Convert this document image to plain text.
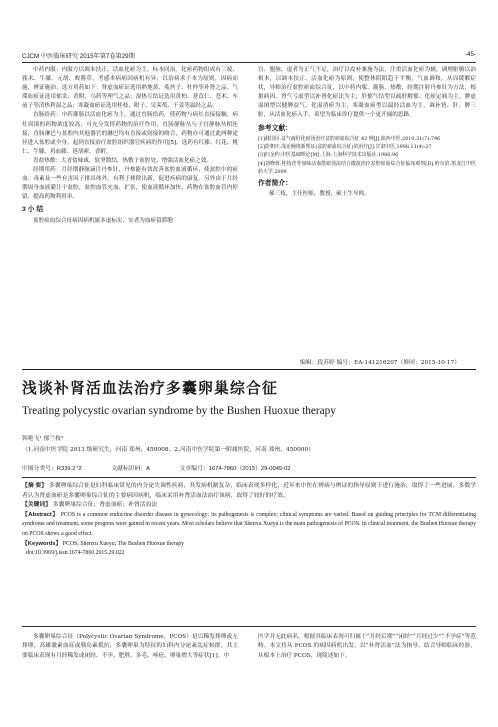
CJCM 中医临床研究 2015年第7卷第29期	-45-

中药内服：内服方以调本扶正、活血化瘀为主，标本同治。化瘀药物组成有三棱、莪术、牛膝、元胡、败酱草。考感本病病因病机有异，以治病求于本为原则，因病而施，辨证施治。选方用药如下：肾虚血瘀证选用熟地黄、菟丝子、杜仲等补肾之品；气滞血瘀证选用郁金、香附、乌药等理气之品；湿热互结证选用黄柏、薏苡仁、苍术、车前子等清热利湿之品；寒凝血瘀证选用桂枝、附子、吴茱萸、干姜等温经之品。

直肠给药：中药灌肠以活血化瘀为主，通过直肠给药，使药物与病灶直接接触，病灶周围的药物浓度较高，可充分发挥药物的治疗作用，直肠静脉丛与子宫静脉丛相连接，直肠淋巴与盆腔内其他器官的淋巴均有直接或间接的吻合，药物亦可通过此两种途径进入盆腔或全身，起到直接治疗盆腔组织器官疾病的作用[5]。选药有红藤、红花、桃仁、牛膝、鸡血藤、延胡索、香附。

青盐热敷：大青盐味咸，软坚散结，热敷于盆腔处，增强活血化瘀之效。

经期用药：月经期静脉滴注丹参针，丹参能有效改善盆腔血液循环，使盆腔中的瘀血、毒素及一些有害因子排出体外，有利于排除出新，促进疾病的康复。另外由于月经期周身血液灌注于盆腔，盆腔血管充血、扩张，使血液循环加快，药物在盆腔血管内停留，提高药物利用率。

3 小 结

盆腔瘀血综合征病因病机属本虚标实，实者为血瘀留滞胞

宫、胞脉，虚者为正气不足，治疗以攻补兼施为法，注重活血化瘀为辅，调理脏腑以治根本，以调本扶正、活血化瘀为原则，使整体阴阳趋于平衡，气血调和，从而缓解症状，导师治疗盆腔瘀血综合征，以中药内服、灌肠、热敷，经期注射丹参针为方法，根据病因，肾气亏虚型以补肾化瘀法为主，肝郁气结型以疏肝解郁、化瘀定痛为主，脾虚湿困型以健脾益气、化湿消瘀为主，寒凝血瘀型以温经活血为主，调补肾、肝、脾三脏，从活血化瘀入手，希望为临床诊疗提供一个更开阔的思路。

参考文献：
[1]郝国臣.盆气疏肝化瘀汤治疗盆腔瘀血综合征 42 例[J].陕西中医,2010,31(7):796
[2]彭朝庆.浅论桶络新理证(盆腔瘀血综合征)的治疗[J].甘肃中医,1998,11(4):27
[3]归金约.中医基础理论[M].上海:上海科学技术出版社,1986:96
[4]刘晓蓉.桂枝茯苓加味活血散瘀汤法结合微波治疗盆腔瘀血综合征临床观察[D].哈尔滨:黑龙江中医药大学,2009
作者简介：
郝三枝，主任医师，教授，硕士生导师。
编辑：段苏婷 编号：EA-141216207（修回：2015-10-17）
浅谈补肾活血法治疗多囊卵巢综合征
Treating polycystic ovarian syndrome by the Bushen Huoxue therapy
韩艳飞¹ 郁兰枝²
（1.河南中医学院 2013 级研究生，河南 郑州，450008；2.河南中医学院第一附属医院，河南 郑州，450000）
中图分类号：R339.2⁺2	文献标识码：A	文章编号：1674-7860（2015）29-0045-02
【摘 要】 多囊卵巢综合征是妇科临床常见的内分泌失调性疾病，其发病机制复杂，临床表现多样化，近年来中医在辨病与辨证的指导原则下进行施治，取得了一些进展。多数学者认为肾虚血瘀是多囊卵巢综合征的主要病因病机，临床采用补肾活血法治疗该病，取得了较好的疗效。
【关键词】 多囊卵巢综合征；肾虚血瘀；补肾活血法
【Abstract】 PCOS is a common endocrine disorder disease in gynecology; its pathogenesis is complex; clinical symptoms are varied. Based on guiding principles for TCM differentiating syndrome and treatment, some progress were gained in recent years. Most scholars believe that Shenxu Xueyu is the main pathogenesis of PCOS. In clinical treatment, the Bushen Huoxue therapy on PCOS shows a good effect.
【Keywords】 PCOS; Shenxu Xueyu; The Bushen Huoxue therapy
doi:10.3969/j.issn.1674-7860.2015.29.022

多囊卵巢综合征（Polycystic Ovarian Syndrome，PCOS）是以稀发排卵或无排卵、高雄激素血症或胰岛素抵抗、多囊卵巢为特征的妇科内分泌紊乱症候群，其主要临床表现有月经稀发或闭经、不孕、肥胖、多毛、痤疮、卵巢增大等症状[1]。中

医学并无此病名，根据其临床表现可归属于“月经后期”“闭经”“月经过少”“不孕症”等范畴。本文将从 PCOS 的病因病机出发，以“补肾活血”法为指导，结合导师临床经验，从根本上治疗 PCOS，现简述如下。
